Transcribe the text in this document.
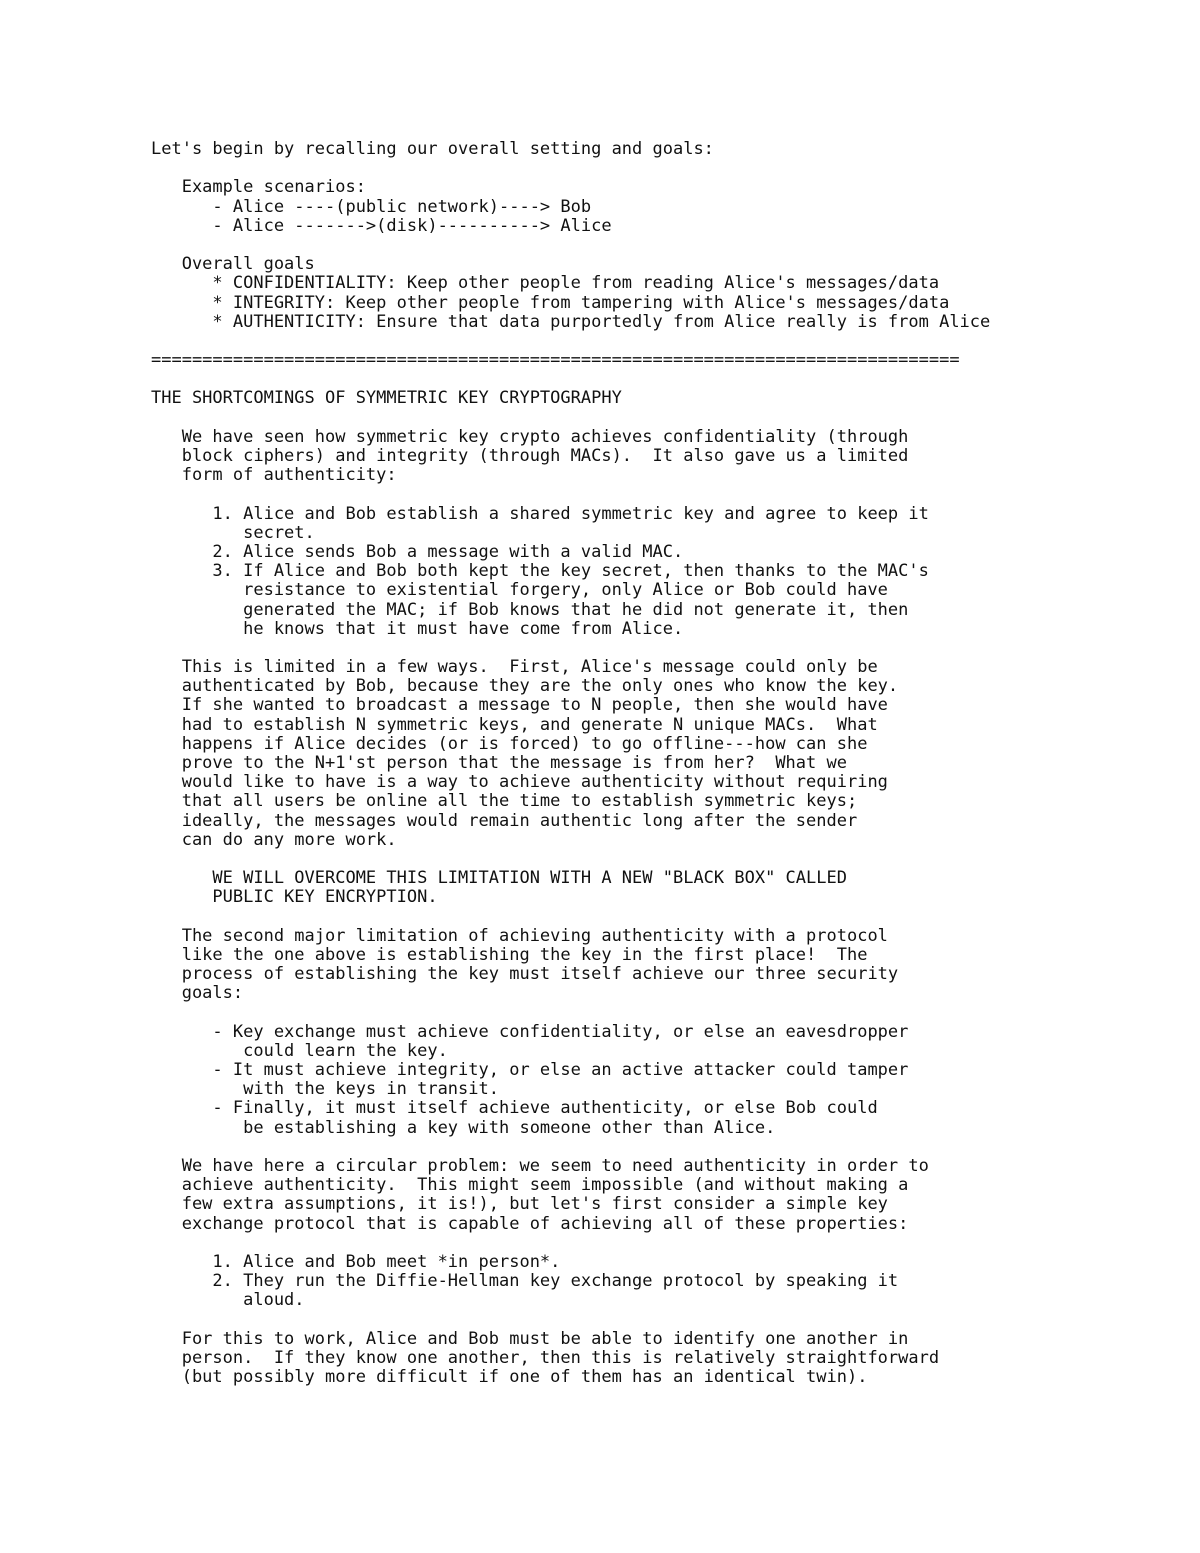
Let's begin by recalling our overall setting and goals:
Example scenarios:
- Alice ----(public network)----> Bob
- Alice ------->(disk)----------> Alice
Overall goals
* CONFIDENTIALITY: Keep other people from reading Alice's messages/data
* INTEGRITY: Keep other people from tampering with Alice's messages/data
* AUTHENTICITY: Ensure that data purportedly from Alice really is from Alice
===============================================================================
THE SHORTCOMINGS OF SYMMETRIC KEY CRYPTOGRAPHY
We have seen how symmetric key crypto achieves confidentiality (through
block ciphers) and integrity (through MACs).  It also gave us a limited
form of authenticity:
1. Alice and Bob establish a shared symmetric key and agree to keep it
secret.
2. Alice sends Bob a message with a valid MAC.
3. If Alice and Bob both kept the key secret, then thanks to the MAC's
resistance to existential forgery, only Alice or Bob could have
generated the MAC; if Bob knows that he did not generate it, then
he knows that it must have come from Alice.
This is limited in a few ways.  First, Alice's message could only be
authenticated by Bob, because they are the only ones who know the key.
If she wanted to broadcast a message to N people, then she would have
had to establish N symmetric keys, and generate N unique MACs.  What
happens if Alice decides (or is forced) to go offline---how can she
prove to the N+1'st person that the message is from her?  What we
would like to have is a way to achieve authenticity without requiring
that all users be online all the time to establish symmetric keys;
ideally, the messages would remain authentic long after the sender
can do any more work.
WE WILL OVERCOME THIS LIMITATION WITH A NEW "BLACK BOX" CALLED
PUBLIC KEY ENCRYPTION.
The second major limitation of achieving authenticity with a protocol
like the one above is establishing the key in the first place!  The
process of establishing the key must itself achieve our three security
goals:
- Key exchange must achieve confidentiality, or else an eavesdropper
could learn the key.
- It must achieve integrity, or else an active attacker could tamper
with the keys in transit.
- Finally, it must itself achieve authenticity, or else Bob could
be establishing a key with someone other than Alice.
We have here a circular problem: we seem to need authenticity in order to
achieve authenticity.  This might seem impossible (and without making a
few extra assumptions, it is!), but let's first consider a simple key
exchange protocol that is capable of achieving all of these properties:
1. Alice and Bob meet *in person*.
2. They run the Diffie-Hellman key exchange protocol by speaking it
aloud.
For this to work, Alice and Bob must be able to identify one another in
person.  If they know one another, then this is relatively straightforward
(but possibly more difficult if one of them has an identical twin).
